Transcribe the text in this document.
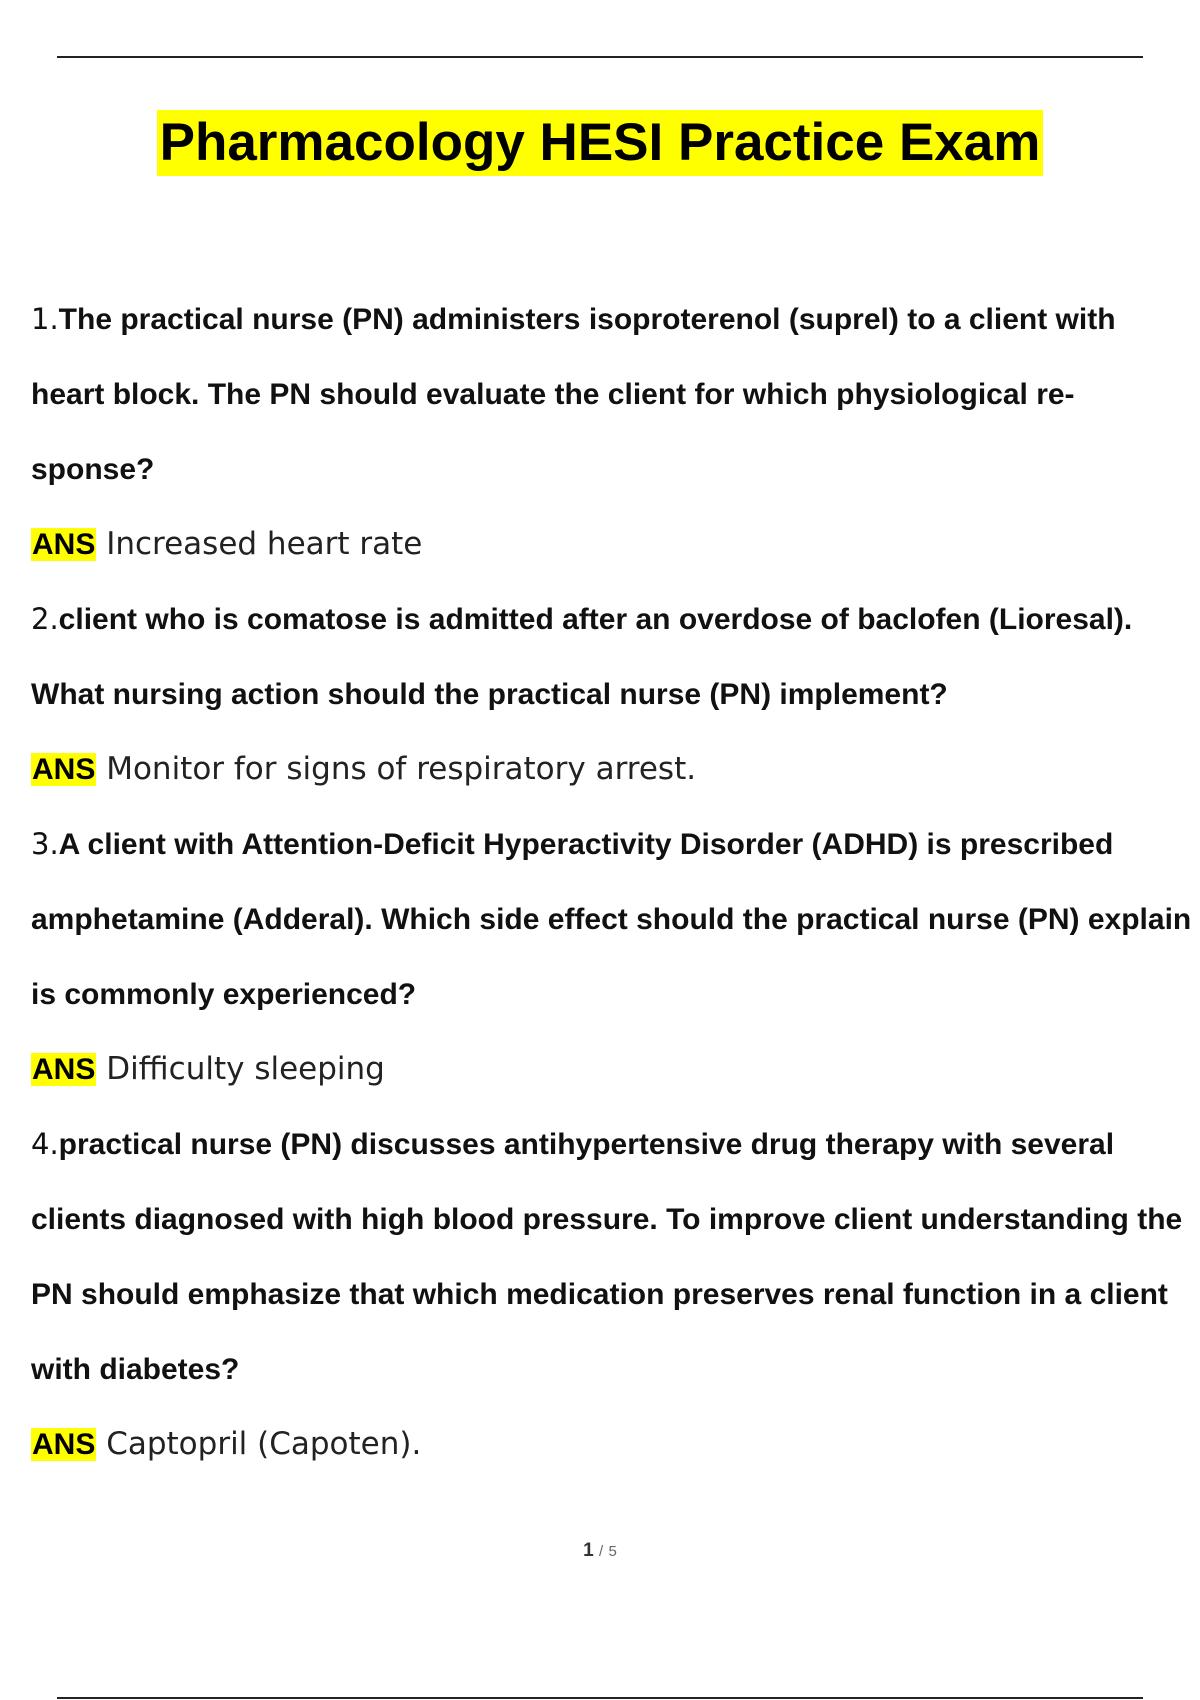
Pharmacology HESI Practice Exam

1.The practical nurse (PN) administers isoproterenol (suprel) to a client with heart block. The PN should evaluate the client for which physiological re- sponse?

ANS Increased heart rate

2.client who is comatose is admitted after an overdose of baclofen (Lioresal). What nursing action should the practical nurse (PN) implement?

ANS Monitor for signs of respiratory arrest.

3.A client with Attention-Deficit Hyperactivity Disorder (ADHD) is prescribed amphetamine (Adderal). Which side effect should the practical nurse (PN) explain is commonly experienced?

ANS Difficulty sleeping

4.practical nurse (PN) discusses antihypertensive drug therapy with several clients diagnosed with high blood pressure. To improve client understanding the PN should emphasize that which medication preserves renal function in a client with diabetes?

ANS Captopril (Capoten).

1 / 5
